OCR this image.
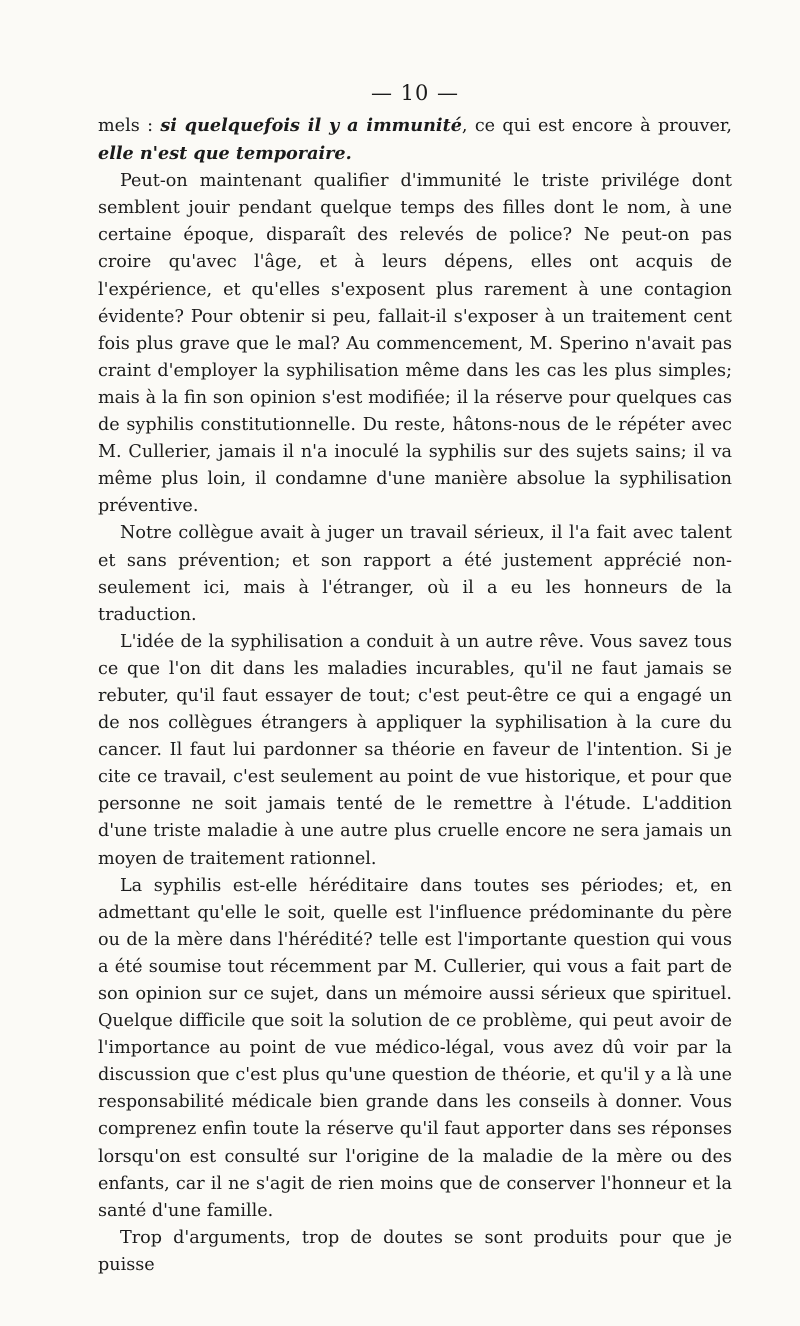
— 10 —

mels : si quelquefois il y a immunité, ce qui est encore à prouver, elle n'est que temporaire.

Peut-on maintenant qualifier d'immunité le triste privilége dont semblent jouir pendant quelque temps des filles dont le nom, à une certaine époque, disparaît des relevés de police? Ne peut-on pas croire qu'avec l'âge, et à leurs dépens, elles ont acquis de l'expérience, et qu'elles s'exposent plus rarement à une contagion évidente? Pour obtenir si peu, fallait-il s'exposer à un traitement cent fois plus grave que le mal? Au commencement, M. Sperino n'avait pas craint d'employer la syphilisation même dans les cas les plus simples; mais à la fin son opinion s'est modifiée; il la réserve pour quelques cas de syphilis constitutionnelle. Du reste, hâtons-nous de le répéter avec M. Cullerier, jamais il n'a inoculé la syphilis sur des sujets sains; il va même plus loin, il condamne d'une manière absolue la syphilisation préventive.

Notre collègue avait à juger un travail sérieux, il l'a fait avec talent et sans prévention; et son rapport a été justement apprécié non-seulement ici, mais à l'étranger, où il a eu les honneurs de la traduction.

L'idée de la syphilisation a conduit à un autre rêve. Vous savez tous ce que l'on dit dans les maladies incurables, qu'il ne faut jamais se rebuter, qu'il faut essayer de tout; c'est peut-être ce qui a engagé un de nos collègues étrangers à appliquer la syphilisation à la cure du cancer. Il faut lui pardonner sa théorie en faveur de l'intention. Si je cite ce travail, c'est seulement au point de vue historique, et pour que personne ne soit jamais tenté de le remettre à l'étude. L'addition d'une triste maladie à une autre plus cruelle encore ne sera jamais un moyen de traitement rationnel.

La syphilis est-elle héréditaire dans toutes ses périodes; et, en admettant qu'elle le soit, quelle est l'influence prédominante du père ou de la mère dans l'hérédité? telle est l'importante question qui vous a été soumise tout récemment par M. Cullerier, qui vous a fait part de son opinion sur ce sujet, dans un mémoire aussi sérieux que spirituel. Quelque difficile que soit la solution de ce problème, qui peut avoir de l'importance au point de vue médico-légal, vous avez dû voir par la discussion que c'est plus qu'une question de théorie, et qu'il y a là une responsabilité médicale bien grande dans les conseils à donner. Vous comprenez enfin toute la réserve qu'il faut apporter dans ses réponses lorsqu'on est consulté sur l'origine de la maladie de la mère ou des enfants, car il ne s'agit de rien moins que de conserver l'honneur et la santé d'une famille.

Trop d'arguments, trop de doutes se sont produits pour que je puisse
